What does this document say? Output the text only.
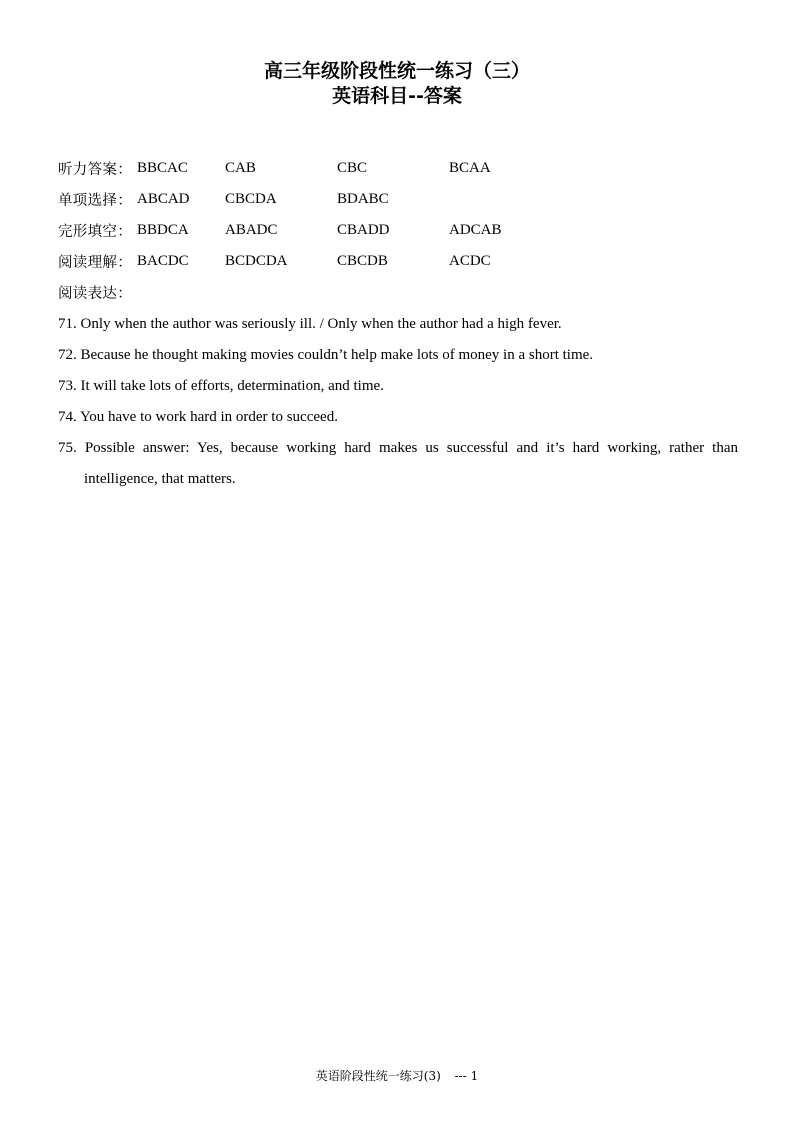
高三年级阶段性统一练习（三）
英语科目--答案
听力答案： BBCAC	CAB	CBC	BCAA
单项选择： ABCAD	CBCDA	BDABC
完形填空： BBDCA	ABADC	CBADD	ADCAB
阅读理解： BACDC	BCDCDA	CBCDB	ACDC
阅读表达：

71. Only when the author was seriously ill. / Only when the author had a high fever.

72. Because he thought making movies couldn’t help make lots of money in a short time.

73. It will take lots of efforts, determination, and time.

74. You have to work hard in order to succeed.

75. Possible answer: Yes, because working hard makes us successful and it’s hard working, rather than intelligence, that matters.

英语阶段性统一练习(3) --- 1
